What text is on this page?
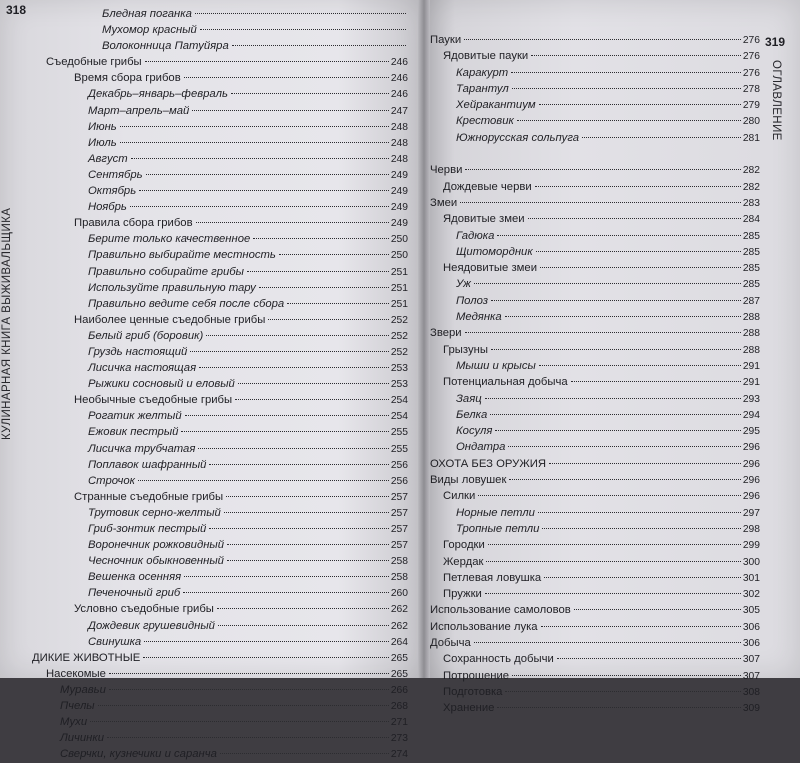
318
КУЛИНАРНАЯ КНИГА ВЫЖИВАЛЬЩИКА
319
ОГЛАВЛЕНИЕ
Бледная поганка
Мухомор красный
Волоконница Патуйяра
Съедобные грибы	246
Время сбора грибов	246
Декабрь–январь–февраль	246
Март–апрель–май	247
Июнь	248
Июль	248
Август	248
Сентябрь	249
Октябрь	249
Ноябрь	249
Правила сбора грибов	249
Берите только качественное	250
Правильно выбирайте местность	250
Правильно собирайте грибы	251
Используйте правильную тару	251
Правильно ведите себя после сбора	251
Наиболее ценные съедобные грибы	252
Белый гриб (боровик)	252
Груздь настоящий	252
Лисичка настоящая	253
Рыжики сосновый и еловый	253
Необычные съедобные грибы	254
Рогатик желтый	254
Ежовик пестрый	255
Лисичка трубчатая	255
Поплавок шафранный	256
Строчок	256
Странные съедобные грибы	257
Трутовик серно-желтый	257
Гриб-зонтик пестрый	257
Воронечник рожковидный	257
Чесночник обыкновенный	258
Вешенка осенняя	258
Печеночный гриб	260
Условно съедобные грибы	262
Дождевик грушевидный	262
Свинушка	264
ДИКИЕ ЖИВОТНЫЕ	265
Насекомые	265
Муравьи	266
Пчелы	268
Мухи	271
Личинки	273
Сверчки, кузнечики и саранча	274
Пауки	276
Ядовитые пауки	276
Каракурт	276
Тарантул	278
Хейракантиум	279
Крестовик	280
Южнорусская сольпуга	281
Черви	282
Дождевые черви	282
Змеи	283
Ядовитые змеи	284
Гадюка	285
Щитомордник	285
Неядовитые змеи	285
Уж	285
Полоз	287
Медянка	288
Звери	288
Грызуны	288
Мыши и крысы	291
Потенциальная добыча	291
Заяц	293
Белка	294
Косуля	295
Ондатра	296
ОХОТА БЕЗ ОРУЖИЯ	296
Виды ловушек	296
Силки	296
Норные петли	297
Тропные петли	298
Городки	299
Жердак	300
Петлевая ловушка	301
Пружки	302
Использование самоловов	305
Использование лука	306
Добыча	306
Сохранность добычи	307
Потрошение	307
Подготовка	308
Хранение	309
